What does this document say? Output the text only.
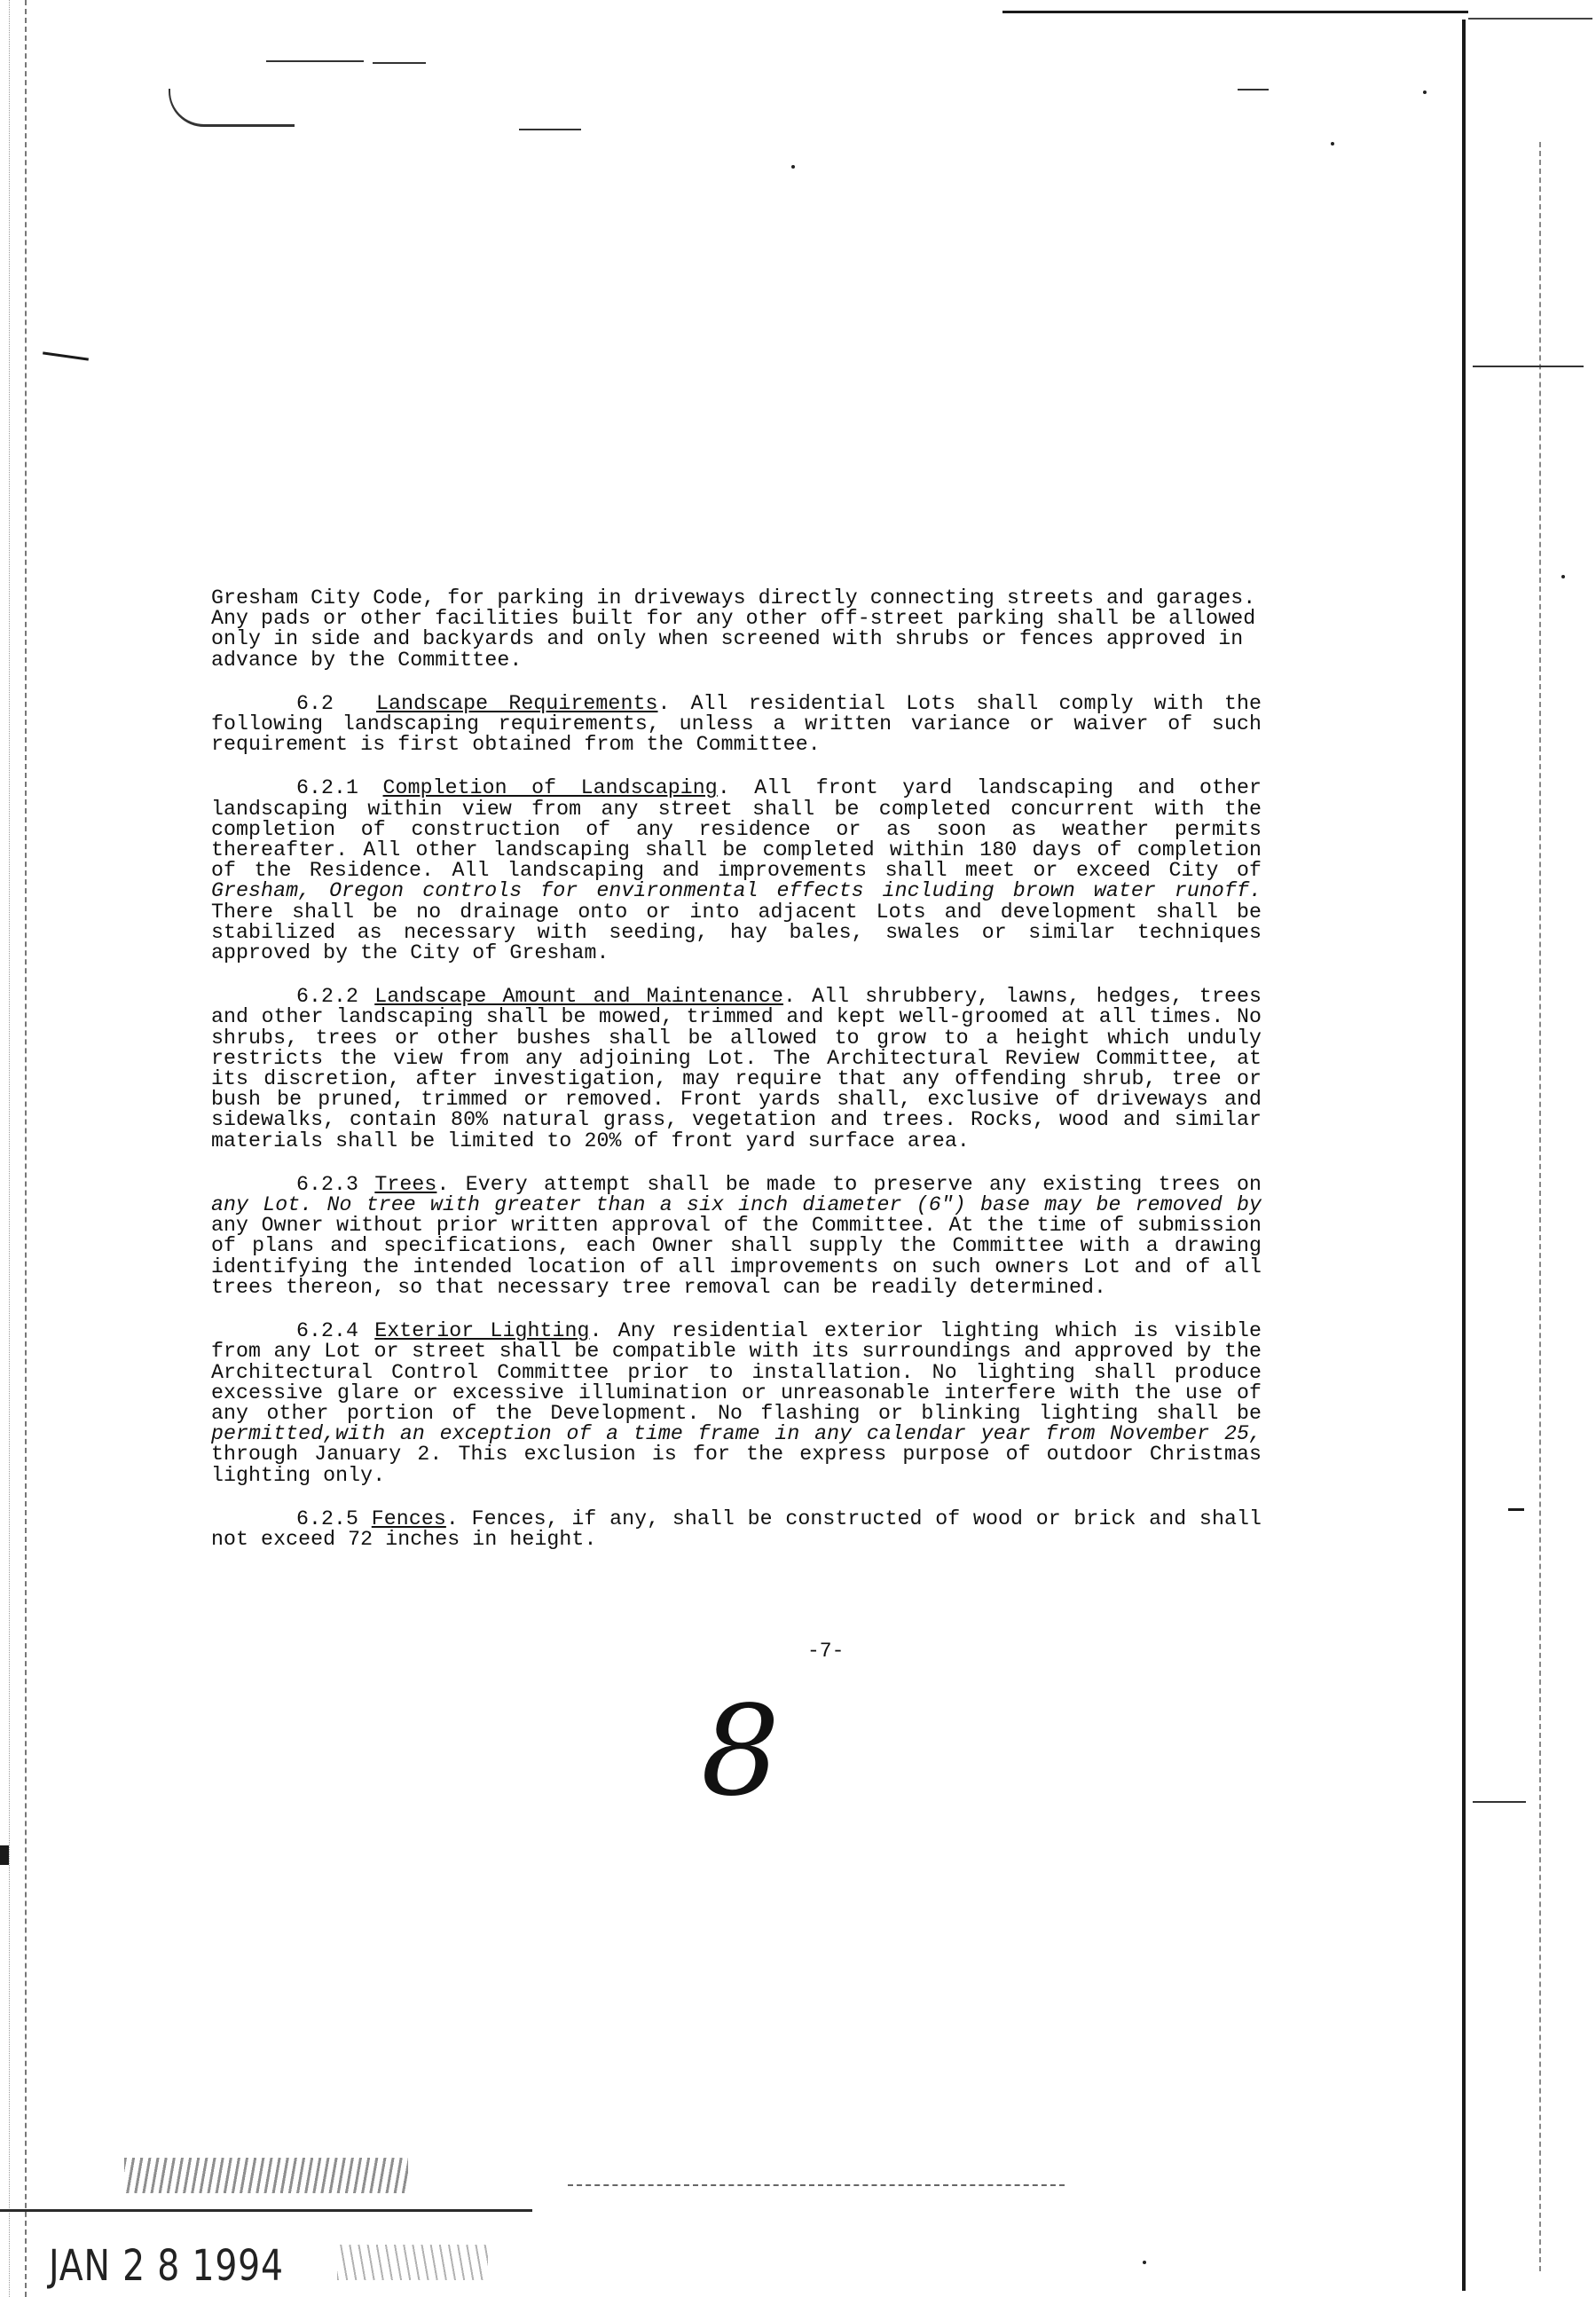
Gresham City Code, for parking in driveways directly connecting streets and garages.
Any pads or other facilities built for any other off-street parking shall be allowed
only in side and backyards and only when screened with shrubs or fences approved in
advance by the Committee.

6.2 Landscape Requirements. All residential Lots shall comply with the following landscaping requirements, unless a written variance or waiver of such requirement is first obtained from the Committee.

6.2.1 Completion of Landscaping. All front yard landscaping and other landscaping within view from any street shall be completed concurrent with the completion of construction of any residence or as soon as weather permits thereafter. All other landscaping shall be completed within 180 days of completion of the Residence. All landscaping and improvements shall meet or exceed City of Gresham, Oregon controls for environmental effects including brown water runoff. There shall be no drainage onto or into adjacent Lots and development shall be stabilized as necessary with seeding, hay bales, swales or similar techniques approved by the City of Gresham.

6.2.2 Landscape Amount and Maintenance. All shrubbery, lawns, hedges, trees and other landscaping shall be mowed, trimmed and kept well-groomed at all times. No shrubs, trees or other bushes shall be allowed to grow to a height which unduly restricts the view from any adjoining Lot. The Architectural Review Committee, at its discretion, after investigation, may require that any offending shrub, tree or bush be pruned, trimmed or removed. Front yards shall, exclusive of driveways and sidewalks, contain 80% natural grass, vegetation and trees. Rocks, wood and similar materials shall be limited to 20% of front yard surface area.

6.2.3 Trees. Every attempt shall be made to preserve any existing trees on any Lot. No tree with greater than a six inch diameter (6") base may be removed by any Owner without prior written approval of the Committee. At the time of submission of plans and specifications, each Owner shall supply the Committee with a drawing identifying the intended location of all improvements on such owners Lot and of all trees thereon, so that necessary tree removal can be readily determined.

6.2.4 Exterior Lighting. Any residential exterior lighting which is visible from any Lot or street shall be compatible with its surroundings and approved by the Architectural Control Committee prior to installation. No lighting shall produce excessive glare or excessive illumination or unreasonable interfere with the use of any other portion of the Development. No flashing or blinking lighting shall be permitted,with an exception of a time frame in any calendar year from November 25, through January 2. This exclusion is for the express purpose of outdoor Christmas lighting only.

6.2.5 Fences. Fences, if any, shall be constructed of wood or brick and shall not exceed 72 inches in height.

-7-
8
JAN 2 8 1994
